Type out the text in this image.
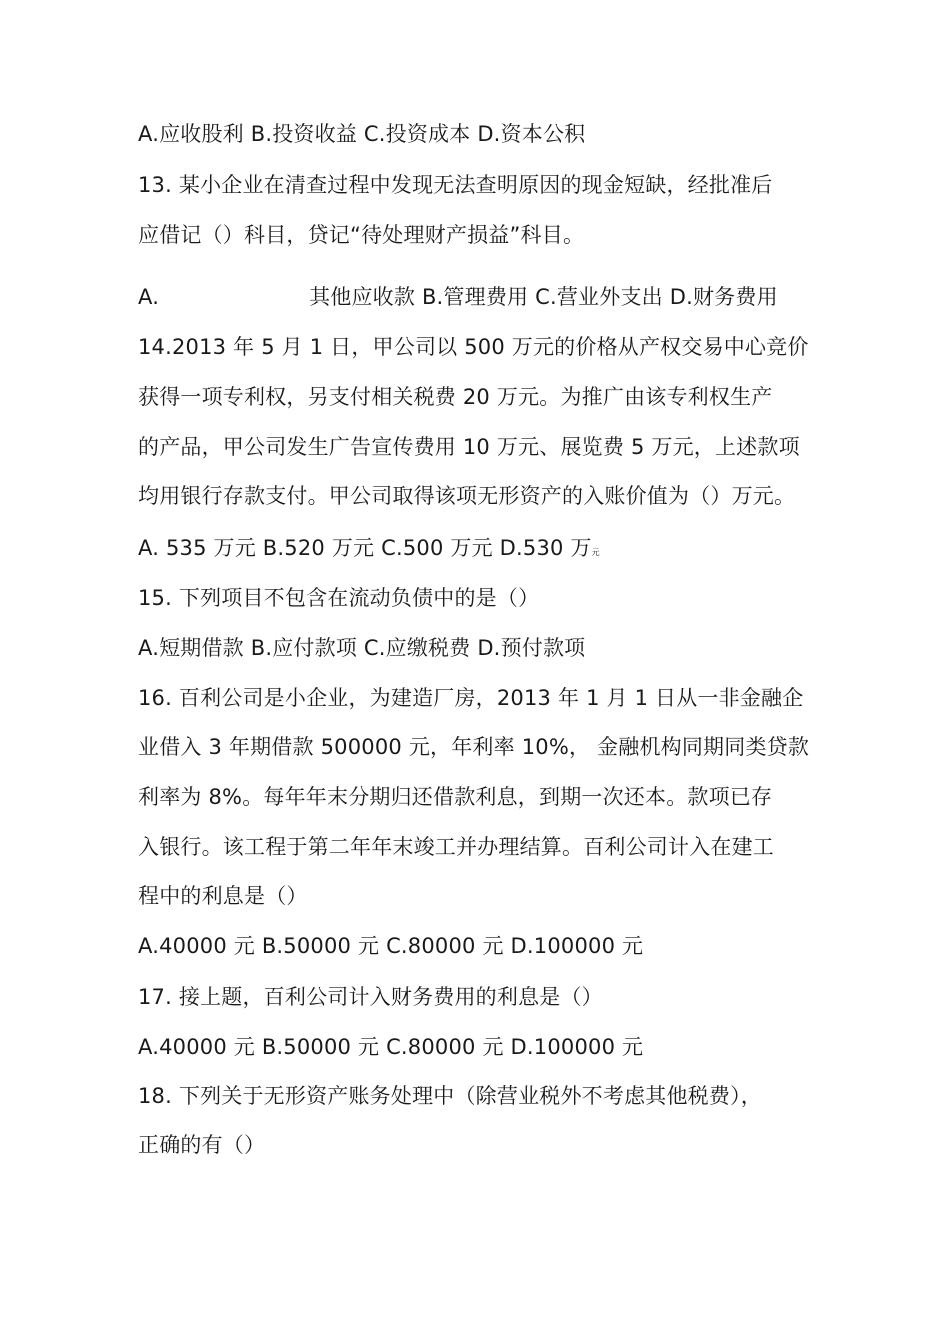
A.应收股利 B.投资收益 C.投资成本 D.资本公积
13. 某小企业在清查过程中发现无法查明原因的现金短缺，经批准后
应借记（）科目，贷记“待处理财产损益”科目。
A.	其他应收款 B.管理费用 C.营业外支出 D.财务费用
14.2013 年 5 月 1 日，甲公司以 500 万元的价格从产权交易中心竞价
获得一项专利权，另支付相关税费 20 万元。为推广由该专利权生产
的产品，甲公司发生广告宣传费用 10 万元、展览费 5 万元，上述款项
均用银行存款支付。甲公司取得该项无形资产的入账价值为（）万元。
A. 535 万元 B.520 万元 C.500 万元 D.530 万元
15. 下列项目不包含在流动负债中的是（）
A.短期借款 B.应付款项 C.应缴税费 D.预付款项
16. 百利公司是小企业，为建造厂房，2013 年 1 月 1 日从一非金融企
业借入 3 年期借款 500000 元，年利率 10%， 金融机构同期同类贷款
利率为 8%。每年年末分期归还借款利息，到期一次还本。款项已存
入银行。该工程于第二年年末竣工并办理结算。百利公司计入在建工
程中的利息是（）
A.40000 元 B.50000 元 C.80000 元 D.100000 元
17. 接上题，百利公司计入财务费用的利息是（）
A.40000 元 B.50000 元 C.80000 元 D.100000 元
18. 下列关于无形资产账务处理中（除营业税外不考虑其他税费），
正确的有（）
